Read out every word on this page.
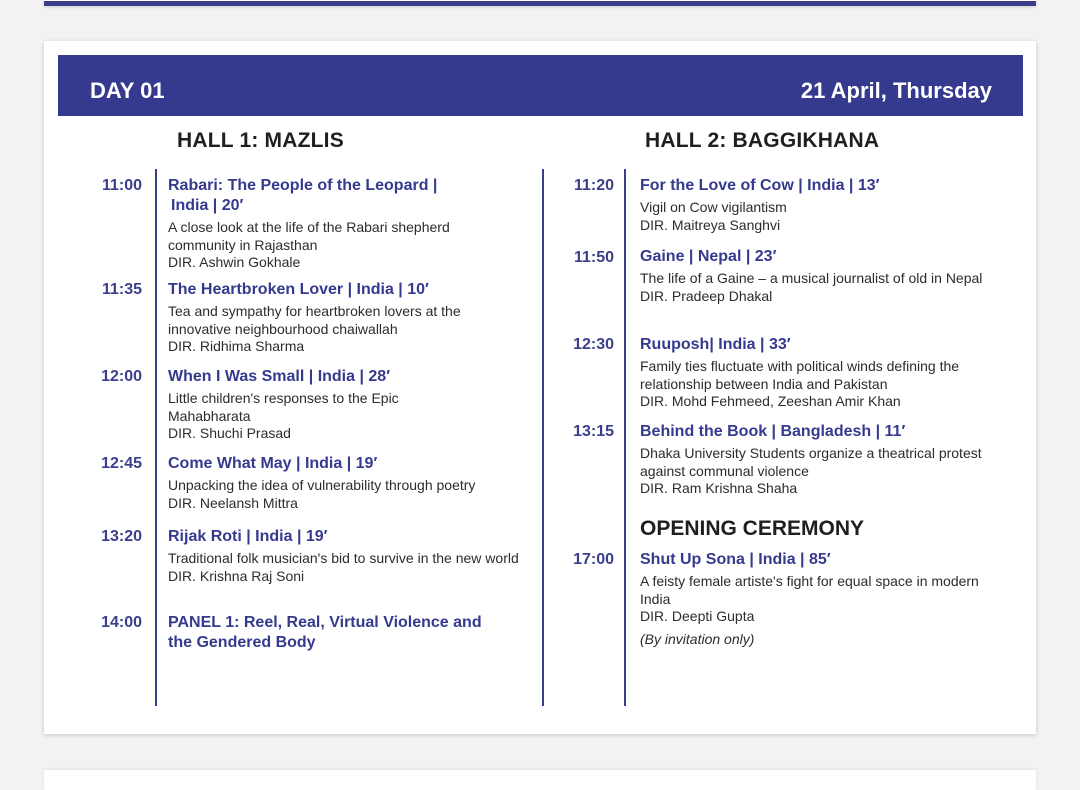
DAY 01	21 April, Thursday
HALL 1: MAZLIS
11:00 Rabari: The People of the Leopard |
India | 20′
A close look at the life of the Rabari shepherd community in Rajasthan
DIR. Ashwin Gokhale
11:35 The Heartbroken Lover | India | 10′
Tea and sympathy for heartbroken lovers at the innovative neighbourhood chaiwallah
DIR. Ridhima Sharma
12:00 When I Was Small | India | 28′
Little children's responses to the Epic Mahabharata
DIR. Shuchi Prasad
12:45 Come What May | India | 19′
Unpacking the idea of vulnerability through poetry
DIR. Neelansh Mittra
13:20 Rijak Roti | India | 19′
Traditional folk musician's bid to survive in the new world
DIR. Krishna Raj Soni
14:00 PANEL 1: Reel, Real, Virtual Violence and the Gendered Body
HALL 2: BAGGIKHANA
11:20 For the Love of Cow | India | 13′
Vigil on Cow vigilantism
DIR. Maitreya Sanghvi
11:50 Gaine | Nepal | 23′
The life of a Gaine – a musical journalist of old in Nepal
DIR. Pradeep Dhakal
12:30 Ruuposh| India | 33′
Family ties fluctuate with political winds defining the relationship between India and Pakistan
DIR. Mohd Fehmeed, Zeeshan Amir Khan
13:15 Behind the Book | Bangladesh | 11′
Dhaka University Students organize a theatrical protest against communal violence
DIR. Ram Krishna Shaha
OPENING CEREMONY
17:00 Shut Up Sona | India | 85′
A feisty female artiste's fight for equal space in modern India
DIR. Deepti Gupta
(By invitation only)
